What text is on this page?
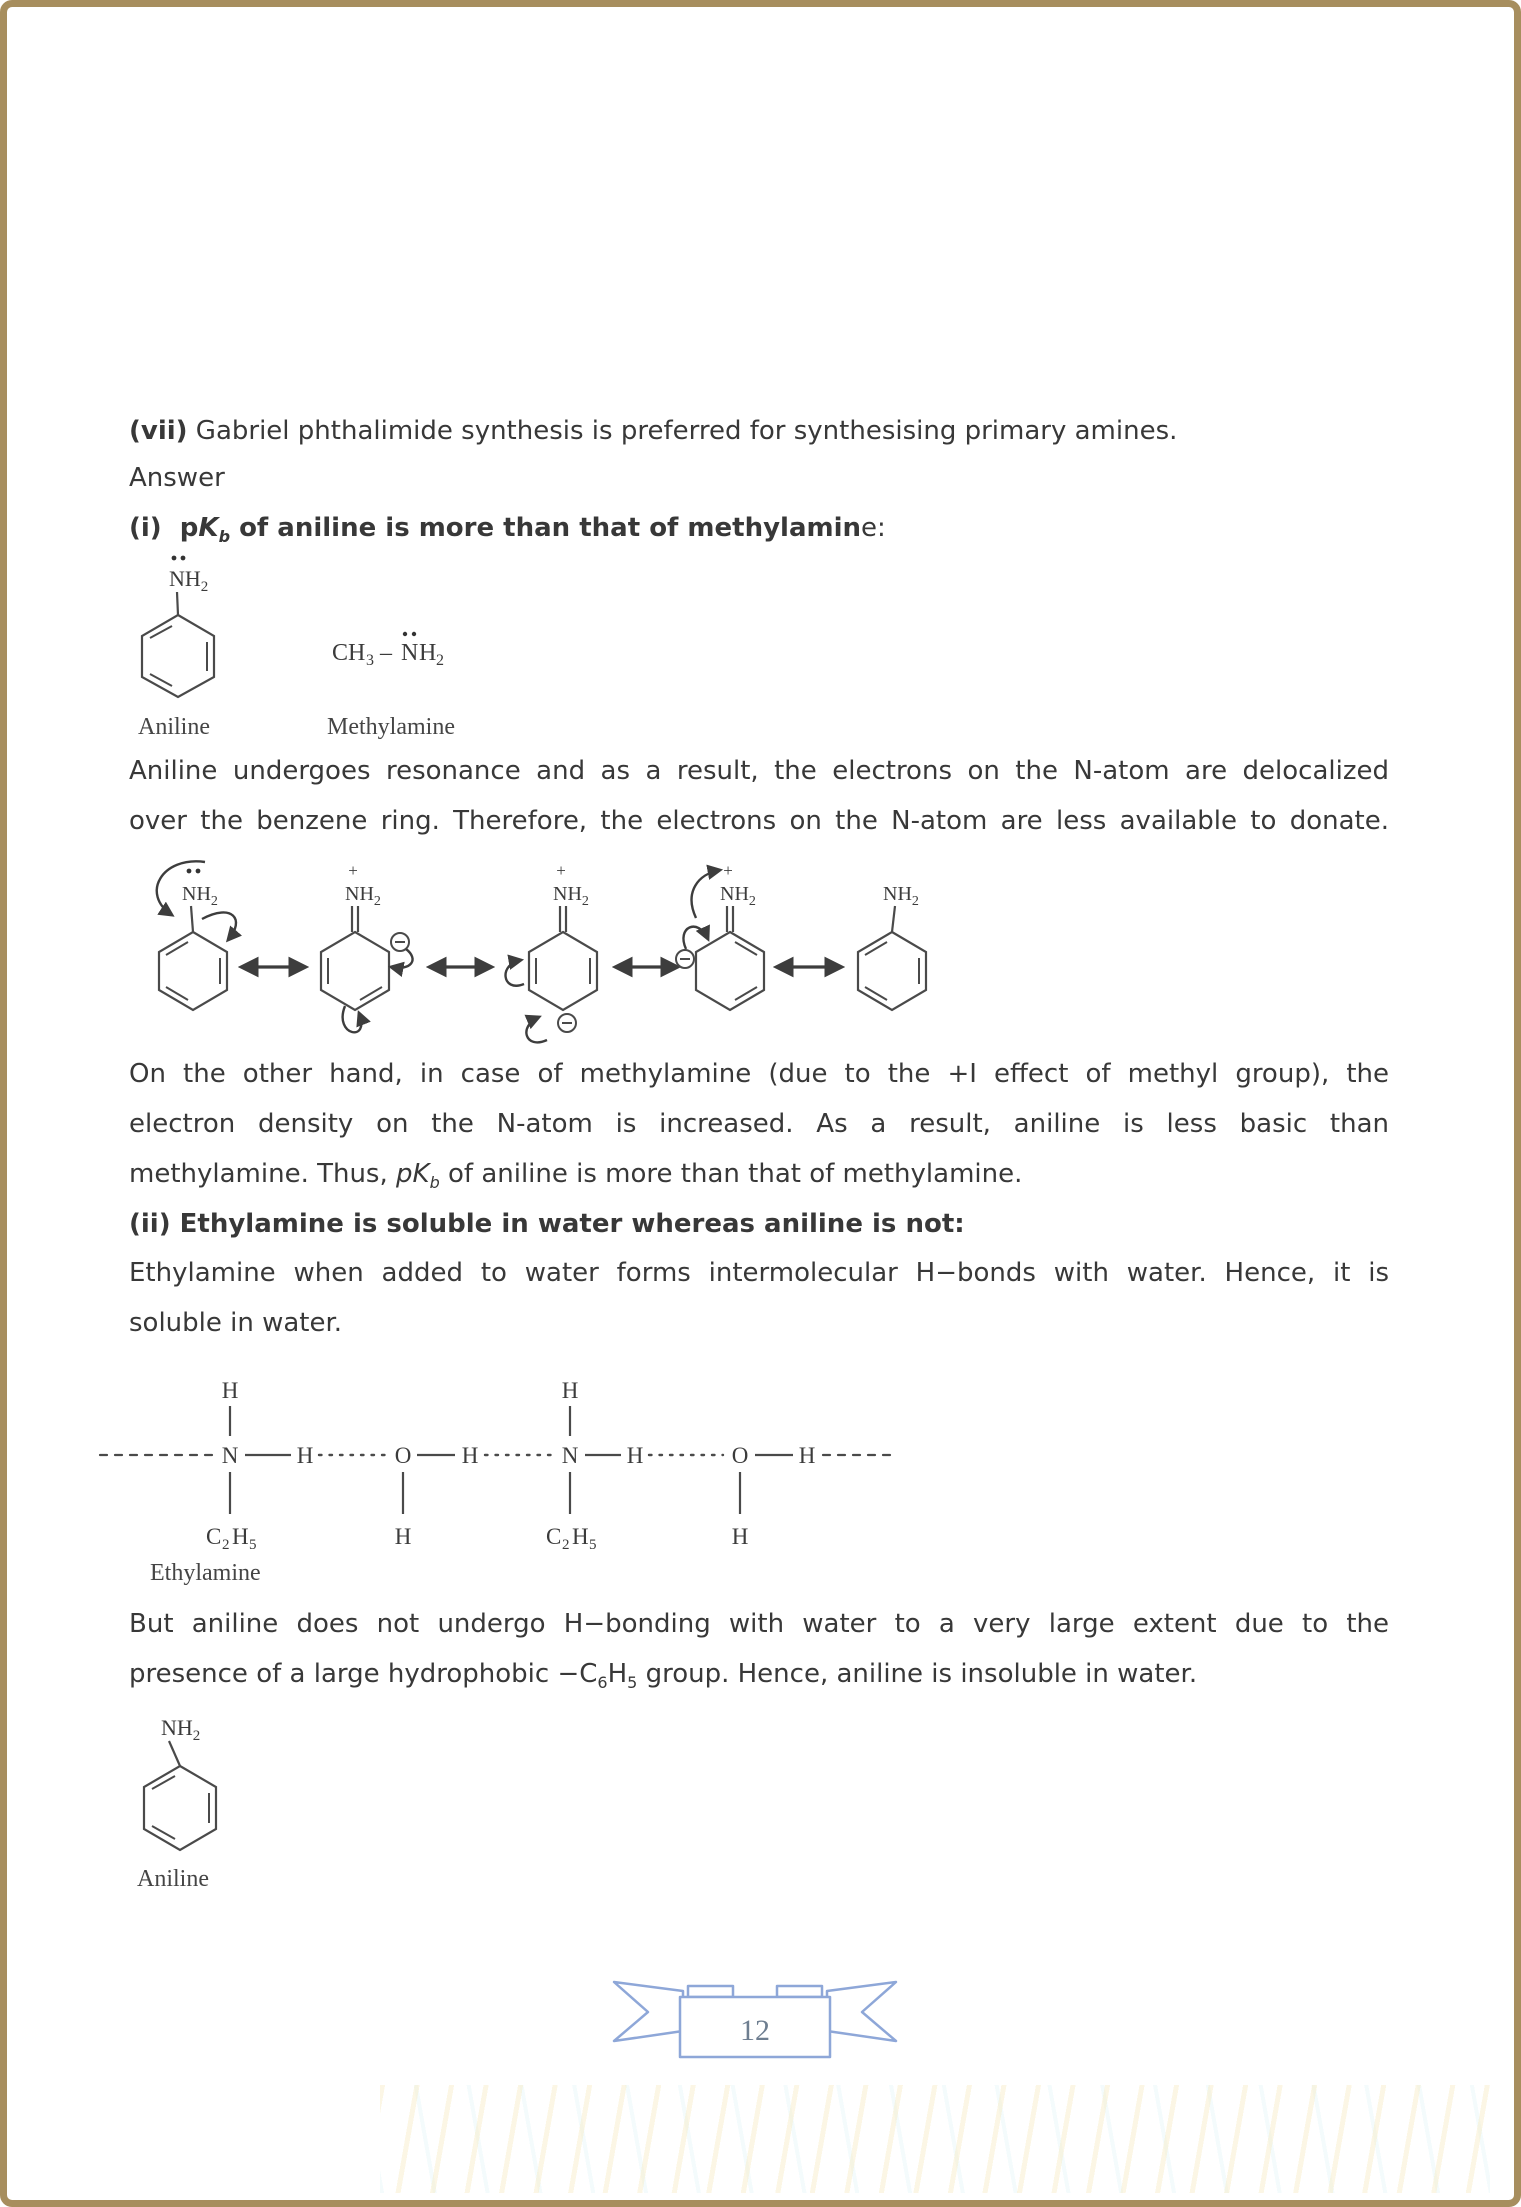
(vii) Gabriel phthalimide synthesis is preferred for synthesising primary amines.
Answer
(i)  $pK_b$ of aniline is more than that of methylamine:
$NH_2$
Aniline
CH3 – NH2
Methylamine
Aniline undergoes resonance and as a result, the electrons on the N-atom are delocalized
over the benzene ring. Therefore, the electrons on the N-atom are less available to donate.
$NH_2$
+
$NH_2$
+
$NH_2$
+
$NH_2$	$NH_2$
On the other hand, in case of methylamine (due to the +I effect of methyl group), the
electron density on the N-atom is increased. As a result, aniline is less basic than
methylamine. Thus, $pK_b$ of aniline is more than that of methylamine.
(ii) Ethylamine is soluble in water whereas aniline is not:
Ethylamine when added to water forms intermolecular H−bonds with water. Hence, it is
soluble in water.
N	H	O H	N H	O H
H
C2 H5	H
H
C2 H5	H
Ethylamine
But aniline does not undergo H−bonding with water to a very large extent due to the
presence of a large hydrophobic $-C_6H_5$ group. Hence, aniline is insoluble in water.
$NH_2$
Aniline
12
